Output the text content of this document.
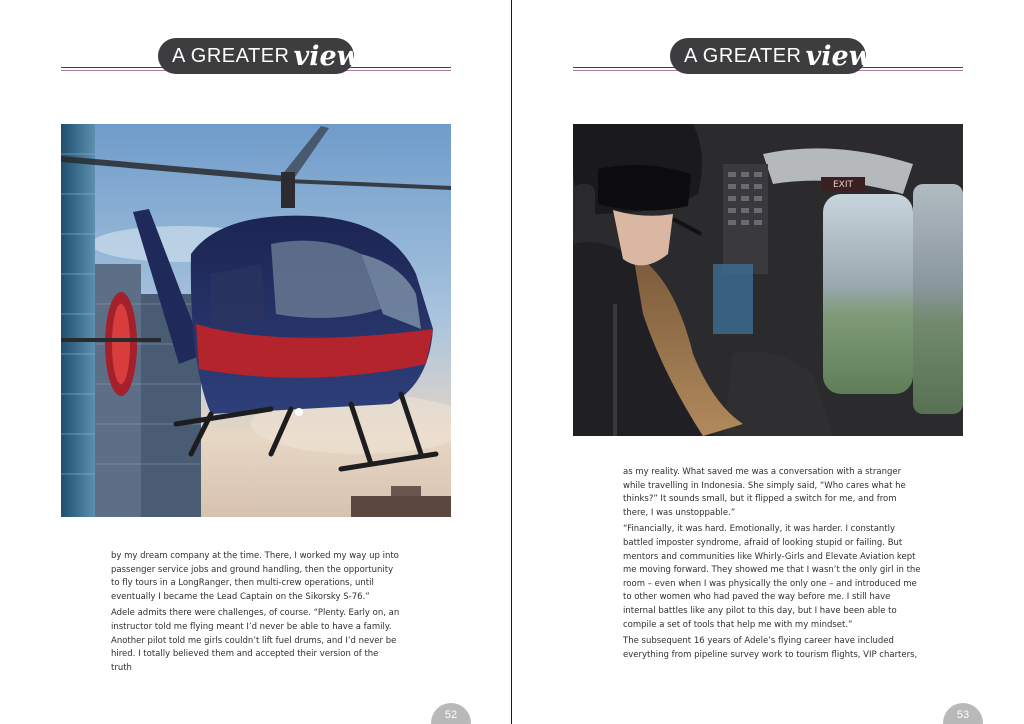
A GREATER view

by my dream company at the time. There, I worked my way up into passenger service jobs and ground handling, then the opportunity to fly tours in a LongRanger, then multi-crew operations, until eventually I became the Lead Captain on the Sikorsky S-76.”

Adele admits there were challenges, of course. “Plenty. Early on, an instructor told me flying meant I’d never be able to have a family. Another pilot told me girls couldn’t lift fuel drums, and I’d never be hired. I totally believed them and accepted their version of the truth

52
A GREATER view
EXIT

as my reality. What saved me was a conversation with a stranger while travelling in Indonesia. She simply said, “Who cares what he thinks?” It sounds small, but it flipped a switch for me, and from there, I was unstoppable.”

“Financially, it was hard. Emotionally, it was harder. I constantly battled imposter syndrome, afraid of looking stupid or failing. But mentors and communities like Whirly-Girls and Elevate Aviation kept me moving forward. They showed me that I wasn’t the only girl in the room – even when I was physically the only one – and introduced me to other women who had paved the way before me. I still have internal battles like any pilot to this day, but I have been able to compile a set of tools that help me with my mindset.”

The subsequent 16 years of Adele’s flying career have included everything from pipeline survey work to tourism flights, VIP charters,

53
